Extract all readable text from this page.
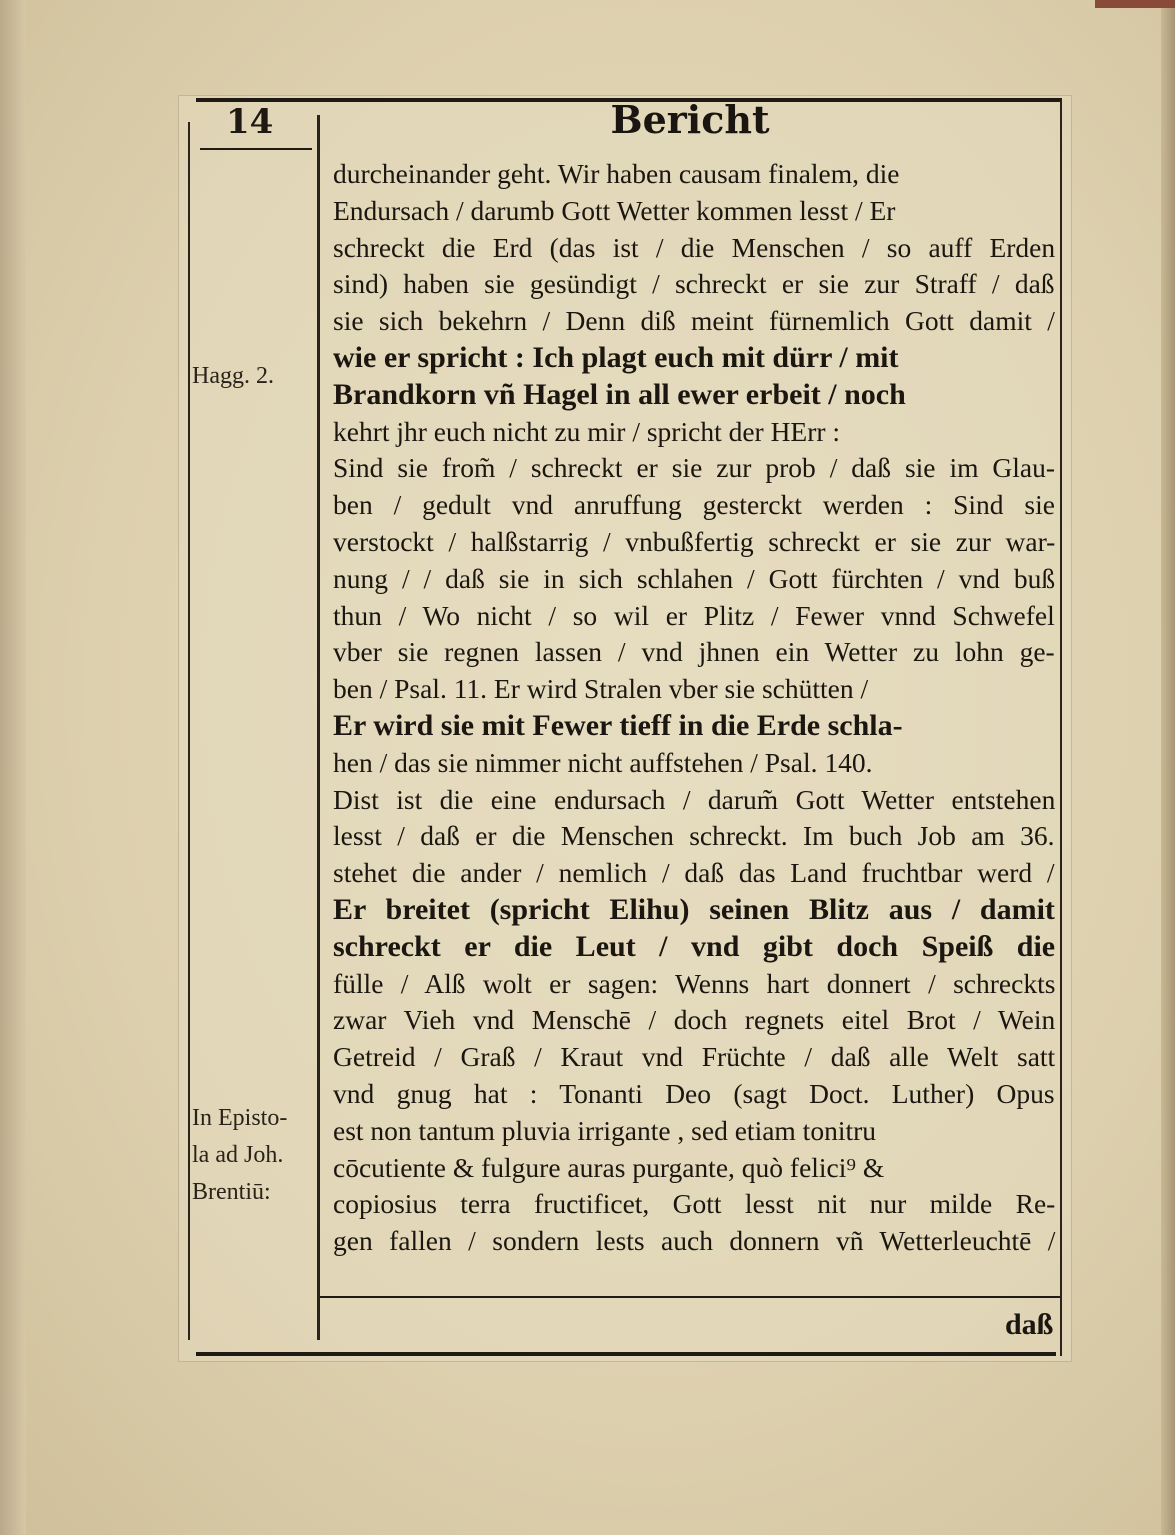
14	Bericht
Hagg. 2.
In Episto-
la ad Joh.
Brentiū:
durcheinander geht. Wir haben causam finalem, die
Endursach / darumb Gott Wetter kommen lesst / Er
schreckt die Erd (das ist / die Menschen / so auff Erden
sind) haben sie gesündigt / schreckt er sie zur Straff / daß
sie sich bekehrn / Denn diß meint fürnemlich Gott damit /
wie er spricht : Ich plagt euch mit dürr / mit
Brandkorn vñ Hagel in all ewer erbeit / noch
kehrt jhr euch nicht zu mir / spricht der HErr :
Sind sie from̃ / schreckt er sie zur prob / daß sie im Glau-
ben / gedult vnd anruffung gesterckt werden : Sind sie
verstockt / halßstarrig / vnbußfertig schreckt er sie zur war-
nung / / daß sie in sich schlahen / Gott fürchten / vnd buß
thun / Wo nicht / so wil er Plitz / Fewer vnnd Schwefel
vber sie regnen lassen / vnd jhnen ein Wetter zu lohn ge-
ben / Psal. 11. Er wird Stralen vber sie schütten /
Er wird sie mit Fewer tieff in die Erde schla-
hen / das sie nimmer nicht auffstehen / Psal. 140.
Dist ist die eine endursach / darum̃ Gott Wetter entstehen
lesst / daß er die Menschen schreckt. Im buch Job am 36.
stehet die ander / nemlich / daß das Land fruchtbar werd /
Er breitet (spricht Elihu) seinen Blitz aus / damit
schreckt er die Leut / vnd gibt doch Speiß die
fülle / Alß wolt er sagen: Wenns hart donnert / schreckts
zwar Vieh vnd Menschē / doch regnets eitel Brot / Wein
Getreid / Graß / Kraut vnd Früchte / daß alle Welt satt
vnd gnug hat : Tonanti Deo (sagt Doct. Luther) Opus
est non tantum pluvia irrigante , sed etiam tonitru
cōcutiente & fulgure auras purgante, quò felici⁹ &
copiosius terra fructificet, Gott lesst nit nur milde Re-
gen fallen / sondern lests auch donnern vñ Wetterleuchtē /
daß
